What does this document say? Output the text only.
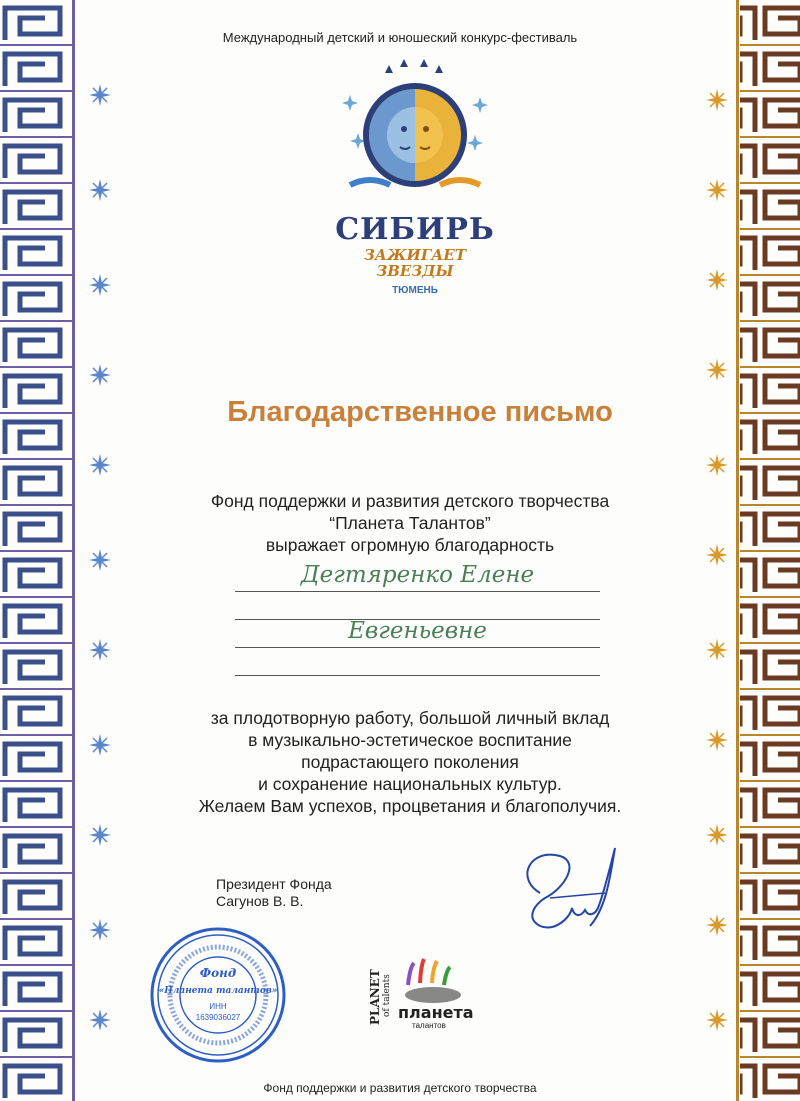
Международный детский и юношеский конкурс-фестиваль
СИБИРЬ
ЗАЖИГАЕТ
ЗВЕЗДЫ
ТЮМЕНЬ
Благодарственное письмо
Фонд поддержки и развития детского творчества
“Планета Талантов”
выражает огромную благодарность
Дегтяренко Елене
Евгеньевне
за плодотворную работу, большой личный вклад
в музыкально-эстетическое воспитание
подрастающего поколения
и сохранение национальных культур.
Желаем Вам успехов, процветания и благополучия.
Президент Фонда
Сагунов В. В.
Фонд
«Планета талантов»
ИНН
1639036027	PLANET of talents планета
талантов
Фонд поддержки и развития детского творчества
